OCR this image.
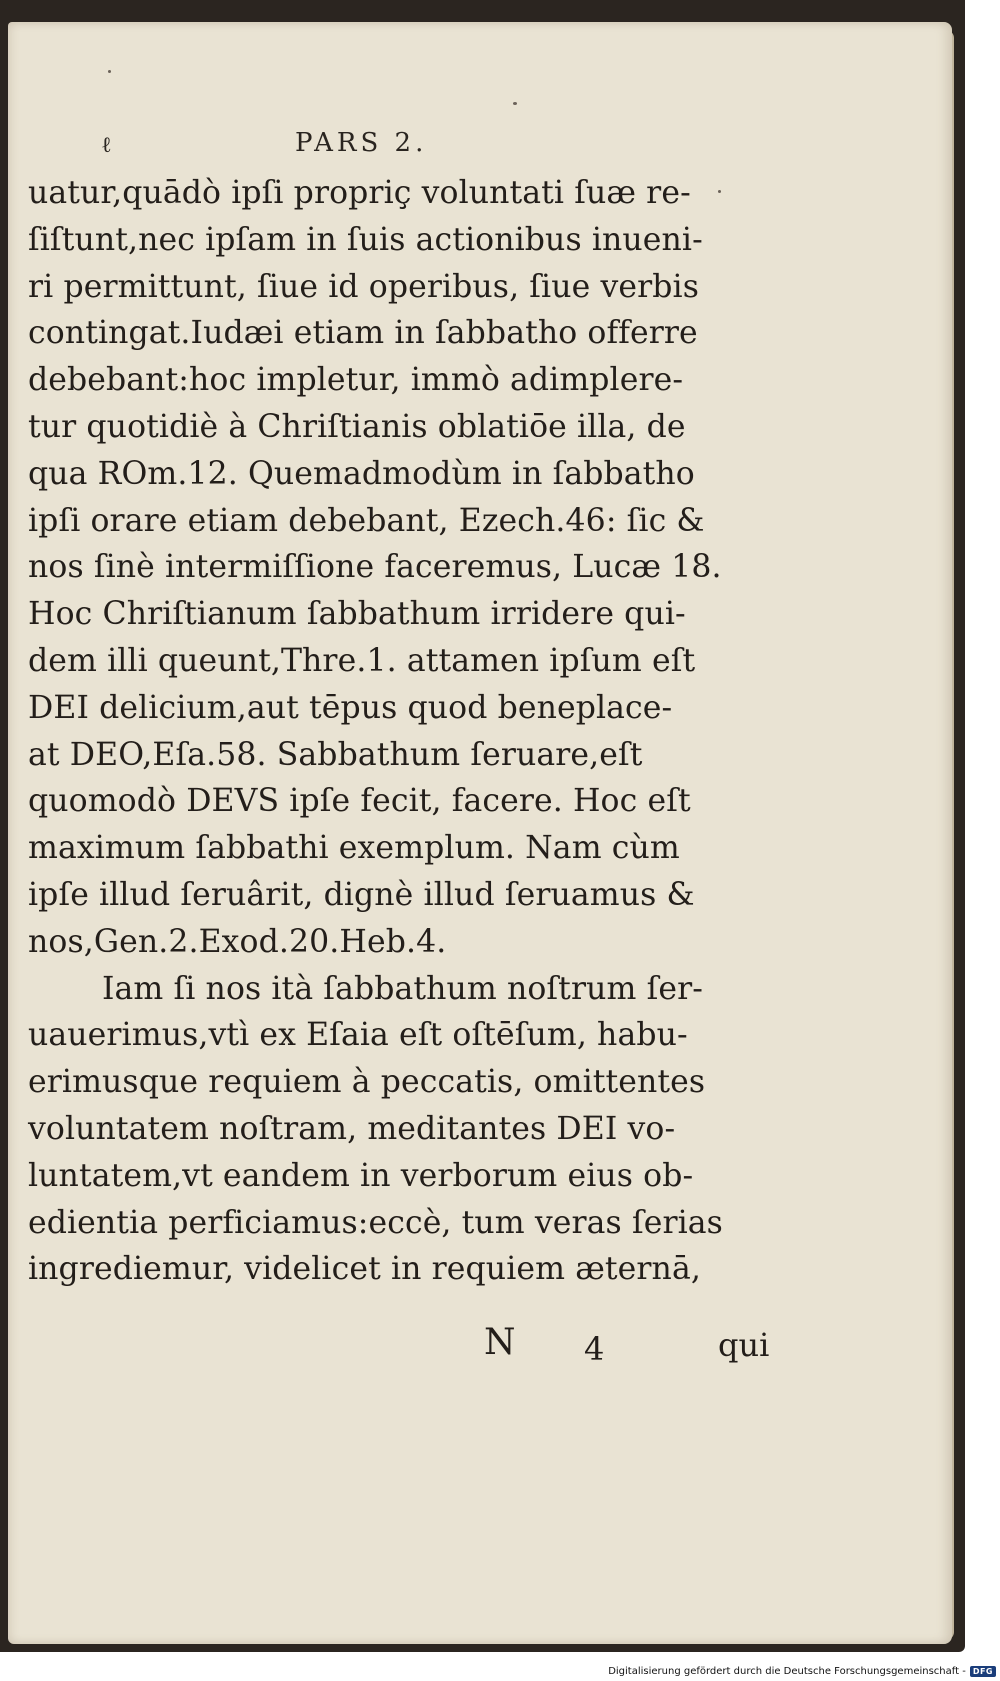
ℓ	PARS 2.
uatur,quādò ipſi propriç voluntati ſuæ re-
ſiſtunt,nec ipſam in ſuis actionibus inueni-
ri permittunt, ſiue id operibus, ſiue verbis
contingat.Iudæi etiam in ſabbatho offerre
debebant:hoc impletur, immò adimplere-
tur quotidiè à Chriſtianis oblatiōe illa, de
qua ROm.12. Quemadmodùm in ſabbatho
ipſi orare etiam debebant, Ezech.46: ſic &
nos ſinè intermiſſione faceremus, Lucæ 18.
Hoc Chriſtianum ſabbathum irridere qui-
dem illi queunt,Thre.1. attamen ipſum eſt
DEI delicium,aut tēpus quod beneplace-
at DEO,Eſa.58. Sabbathum ſeruare,eſt
quomodò DEVS ipſe fecit, facere. Hoc eſt
maximum ſabbathi exemplum. Nam cùm
ipſe illud ſeruârit, dignè illud ſeruamus &
nos,Gen.2.Exod.20.Heb.4.
Iam ſi nos ità ſabbathum noſtrum ſer-
uauerimus,vtì ex Eſaia eſt oſtēſum, habu-
erimusque requiem à peccatis, omittentes
voluntatem noſtram, meditantes DEI vo-
luntatem,vt eandem in verborum eius ob-
edientia perficiamus:eccè, tum veras ſerias
ingrediemur, videlicet in requiem æternā,
N 4	qui
Digitalisierung gefördert durch die Deutsche Forschungsgemeinschaft - DFG
